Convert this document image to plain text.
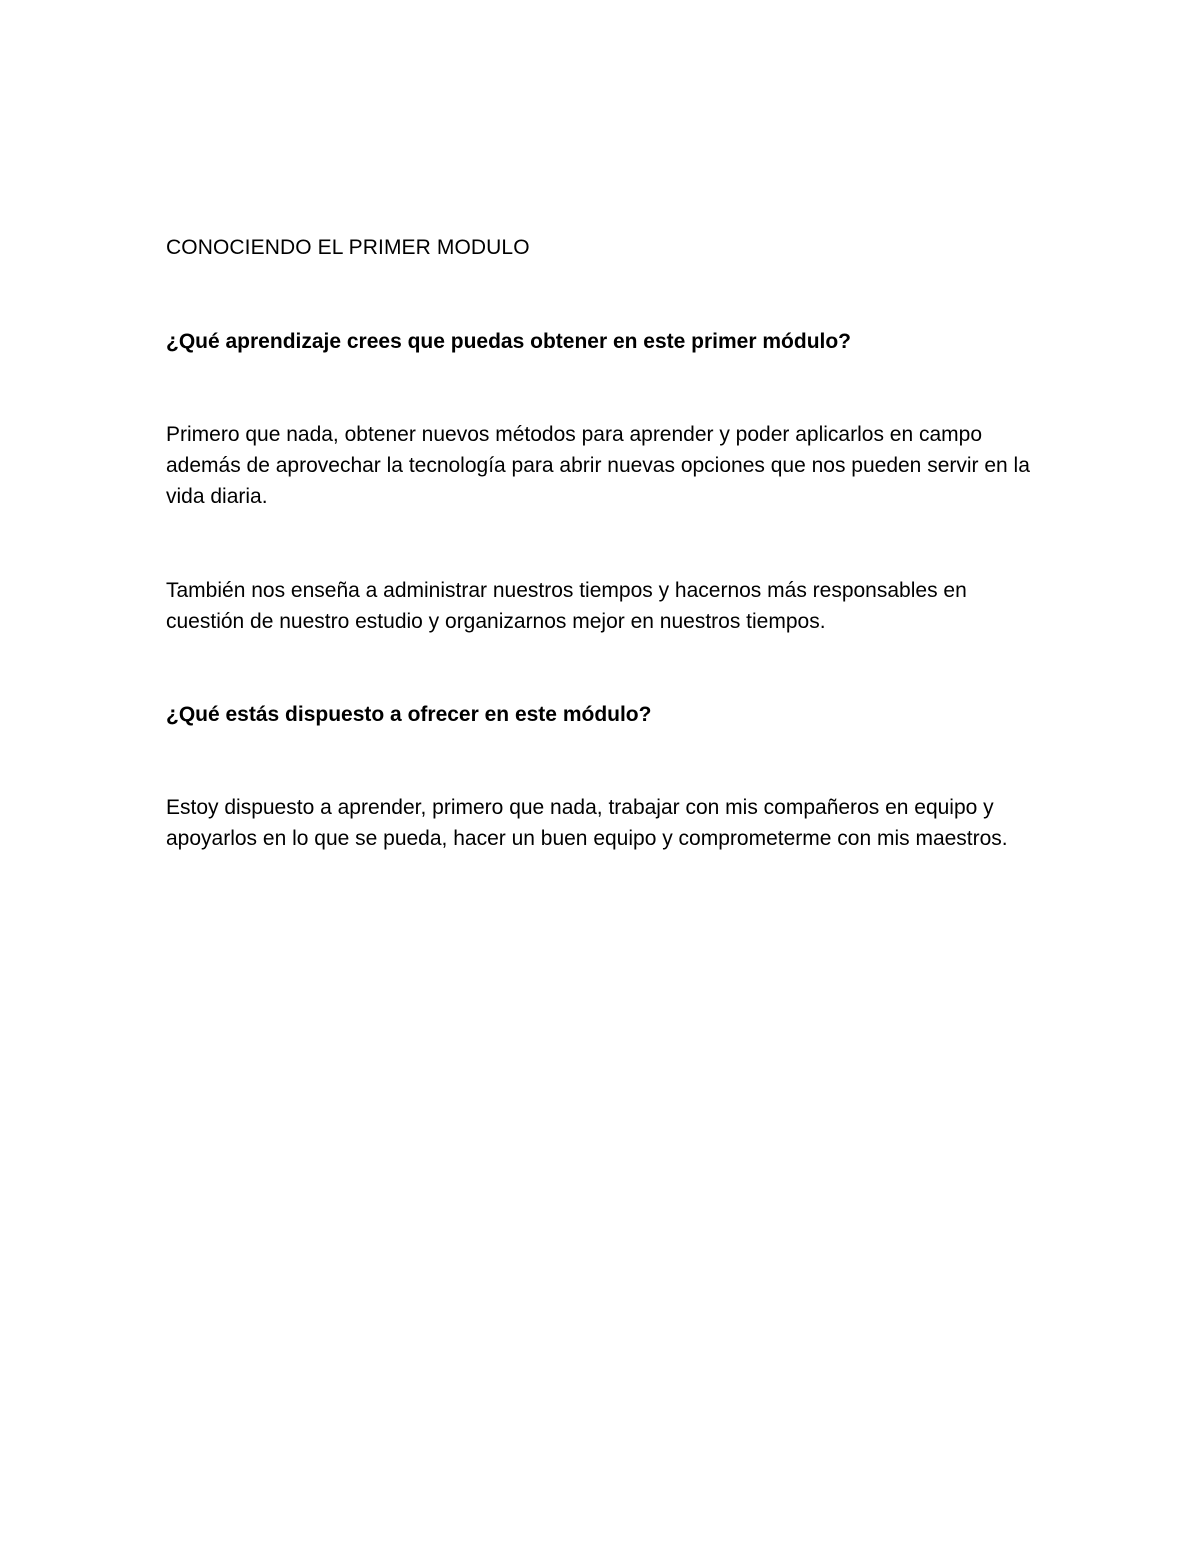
CONOCIENDO EL PRIMER MODULO

¿Qué aprendizaje crees que puedas obtener en este primer módulo?

Primero que nada, obtener nuevos métodos para aprender y poder aplicarlos en campo además de aprovechar la tecnología para abrir nuevas opciones que nos pueden servir en la vida diaria.

También nos enseña a administrar nuestros tiempos y hacernos más responsables en cuestión de nuestro estudio y organizarnos mejor en nuestros tiempos.

¿Qué estás dispuesto a ofrecer en este módulo?

Estoy dispuesto a aprender, primero que nada, trabajar con mis compañeros en equipo y apoyarlos en lo que se pueda, hacer un buen equipo y comprometerme con mis maestros.
